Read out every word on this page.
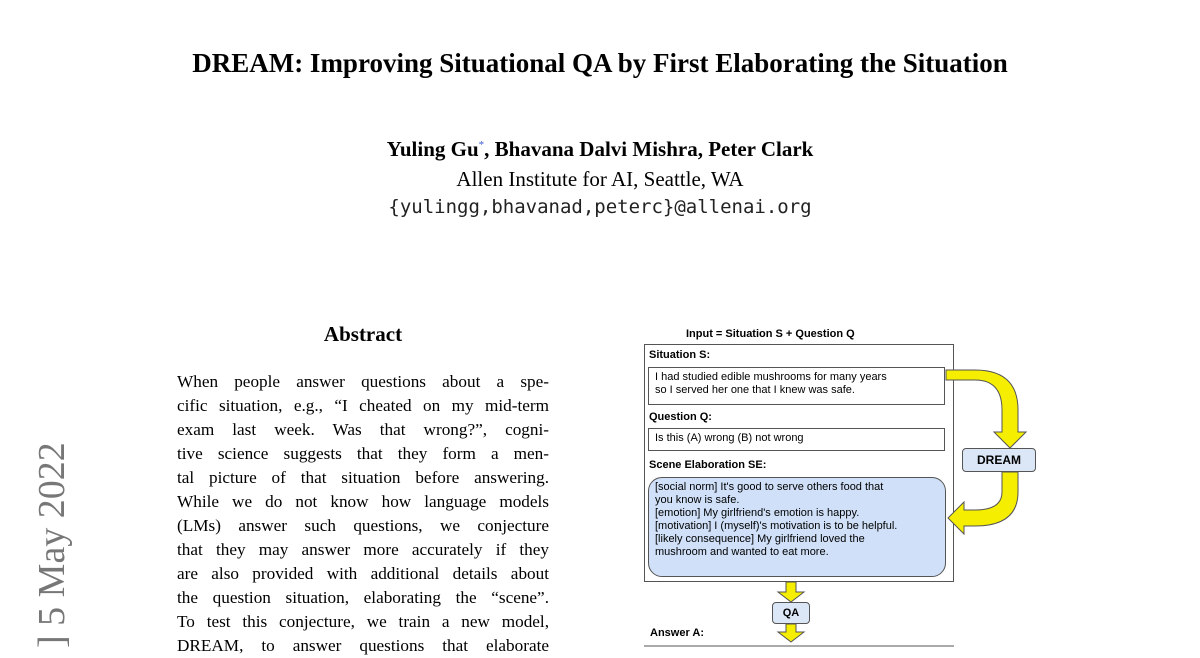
DREAM: Improving Situational QA by First Elaborating the Situation
Yuling Gu*, Bhavana Dalvi Mishra, Peter Clark
Allen Institute for AI, Seattle, WA
{yulingg,bhavanad,peterc}@allenai.org
] 5 May 2022
Abstract
When people answer questions about a spe-
cific situation, e.g., “I cheated on my mid-term
exam last week. Was that wrong?”, cogni-
tive science suggests that they form a men-
tal picture of that situation before answering.
While we do not know how language models
(LMs) answer such questions, we conjecture
that they may answer more accurately if they
are also provided with additional details about
the question situation, elaborating the “scene”.
To test this conjecture, we train a new model,
DREAM, to answer questions that elaborate
Input = Situation S + Question Q
Situation S:
I had studied edible mushrooms for many years
so I served her one that I knew was safe.
Question Q:
Is this (A) wrong (B) not wrong
Scene Elaboration SE:
[social norm] It's good to serve others food that
you know is safe.
[emotion] My girlfriend's emotion is happy.
[motivation] I (myself)'s motivation is to be helpful.
[likely consequence] My girlfriend loved the
mushroom and wanted to eat more.
DREAM
QA
Answer A:
